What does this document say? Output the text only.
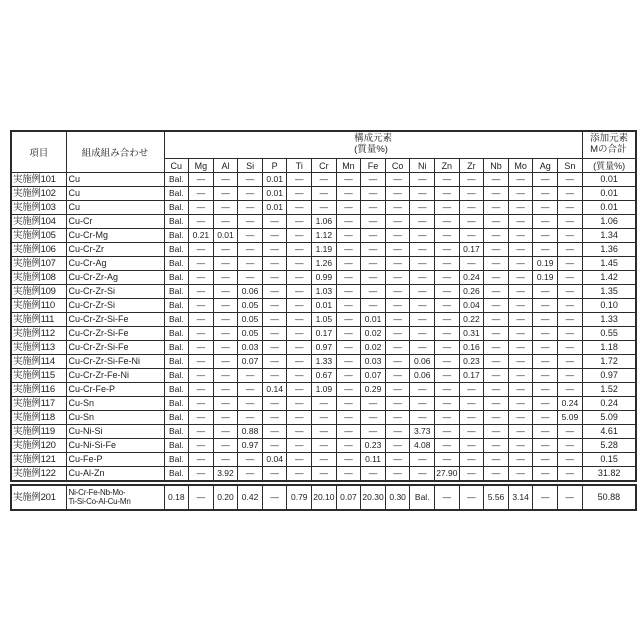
項目	組成組み合わせ	
構成元素
(質量%)

添加元素
Mの合計

		Cu	Mg	Al	Si	P	Ti	Cr	Mn	Fe	Co	Ni	Zn	Zr	Nb	Mo	Ag	Sn	(質量%)
実施例101	Cu	Bal.	—	—	—	0.01	—	—	—	—	—	—	—	—	—	—	—	—	0.01
実施例102	Cu	Bal.	—	—	—	0.01	—	—	—	—	—	—	—	—	—	—	—	—	0.01
実施例103	Cu	Bal.	—	—	—	0.01	—	—	—	—	—	—	—	—	—	—	—	—	0.01
実施例104	Cu-Cr	Bal.	—	—	—	—	—	1.06	—	—	—	—	—	—	—	—	—	—	1.06
実施例105	Cu-Cr-Mg	Bal.	0.21	0.01	—	—	—	1.12	—	—	—	—	—	—	—	—	—	—	1.34
実施例106	Cu-Cr-Zr	Bal.	—	—	—	—	—	1.19	—	—	—	—	—	0.17	—	—	—	—	1.36
実施例107	Cu-Cr-Ag	Bal.	—	—	—	—	—	1.26	—	—	—	—	—	—	—	—	0.19	—	1.45
実施例108	Cu-Cr-Zr-Ag	Bal.	—	—	—	—	—	0.99	—	—	—	—	—	0.24	—	—	0.19	—	1.42
実施例109	Cu-Cr-Zr-Si	Bal.	—	—	0.06	—	—	1.03	—	—	—	—	—	0.26	—	—	—	—	1.35
実施例110	Cu-Cr-Zr-Si	Bal.	—	—	0.05	—	—	0.01	—	—	—	—	—	0.04	—	—	—	—	0.10
実施例111	Cu-Cr-Zr-Si-Fe	Bal.	—	—	0.05	—	—	1.05	—	0.01	—	—	—	0.22	—	—	—	—	1.33
実施例112	Cu-Cr-Zr-Si-Fe	Bal.	—	—	0.05	—	—	0.17	—	0.02	—	—	—	0.31	—	—	—	—	0.55
実施例113	Cu-Cr-Zr-Si-Fe	Bal.	—	—	0.03	—	—	0.97	—	0.02	—	—	—	0.16	—	—	—	—	1.18
実施例114	Cu-Cr-Zr-Si-Fe-Ni	Bal.	—	—	0.07	—	—	1.33	—	0.03	—	0.06	—	0.23	—	—	—	—	1.72
実施例115	Cu-Cr-Zr-Fe-Ni	Bal.	—	—	—	—	—	0.67	—	0.07	—	0.06	—	0.17	—	—	—	—	0.97
実施例116	Cu-Cr-Fe-P	Bal.	—	—	—	0.14	—	1.09	—	0.29	—	—	—	—	—	—	—	—	1.52
実施例117	Cu-Sn	Bal.	—	—	—	—	—	—	—	—	—	—	—	—	—	—	—	0.24	0.24
実施例118	Cu-Sn	Bal.	—	—	—	—	—	—	—	—	—	—	—	—	—	—	—	5.09	5.09
実施例119	Cu-Ni-Si	Bal.	—	—	0.88	—	—	—	—	—	—	3.73	—	—	—	—	—	—	4.61
実施例120	Cu-Ni-Si-Fe	Bal.	—	—	0.97	—	—	—	—	0.23	—	4.08	—	—	—	—	—	—	5.28
実施例121	Cu-Fe-P	Bal.	—	—	—	0.04	—	—	—	0.11	—	—	—	—	—	—	—	—	0.15
実施例122	Cu-Al-Zn	Bal.	—	3.92	—	—	—	—	—	—	—	—	27.90	—	—	—	—	—	31.82
実施例201	Ni-Cr-Fe-Nb-Mo-
Ti-Si-Co-Al-Cu-Mn	0.18	—	0.20	0.42	—	0.79	20.10	0.07	20.30	0.30	Bal.	—	—	5.56	3.14	—	—	50.88
